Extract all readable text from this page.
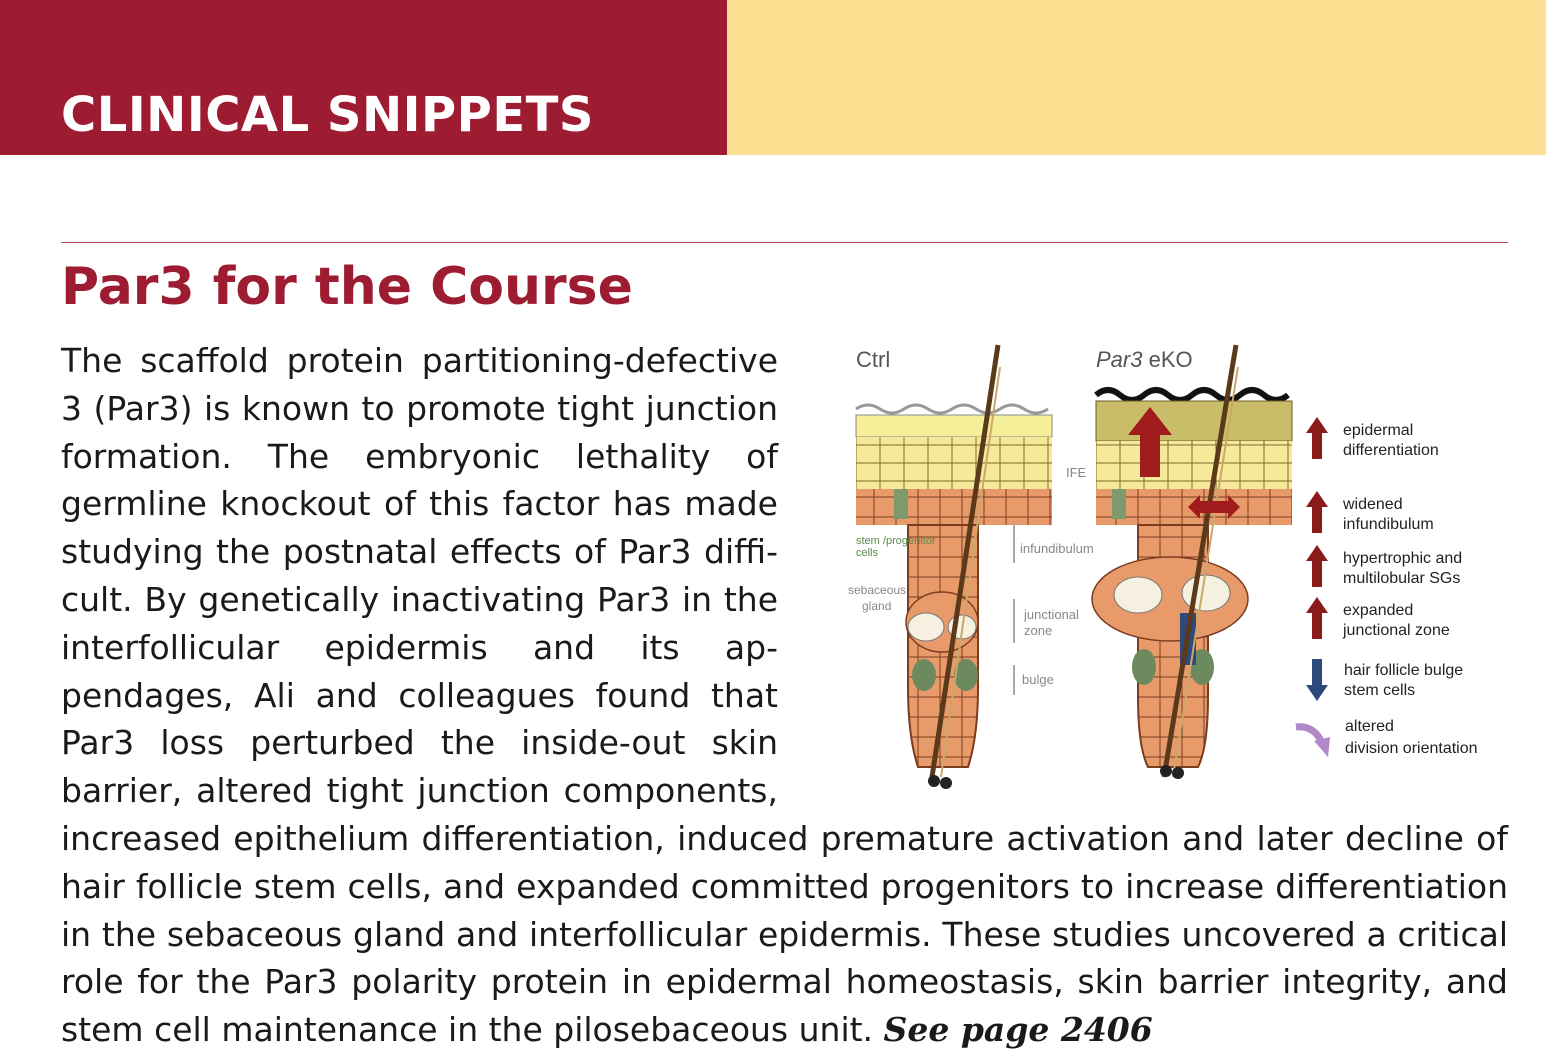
CLINICAL SNIPPETS
Par3 for the Course
Ctrl
IFE
infundibulum
junctional
zone
bulge
stem /progenitor
cells
sebaceous
gland
Par3 eKO
epidermal
differentiation
widened
infundibulum
hypertrophic and
multilobular SGs
expanded
junctional zone
hair follicle bulge
stem cells
altered
division orientation
The scaffold protein partitioning-defective 3 (Par3) is known to promote tight junction formation. The embryonic lethality of germline knockout of this factor has made studying the postnatal effects of Par3 difficult. By genetically inactivating Par3 in the interfollicular epidermis and its appendages, Ali and colleagues found that Par3 loss perturbed the inside-out skin barrier, altered tight junction components, increased epithelium differentiation, induced premature activation and later decline of hair follicle stem cells, and expanded committed progenitors to increase differentiation in the sebaceous gland and interfollicular epidermis. These studies uncovered a critical role for the Par3 polarity protein in epidermal homeostasis, skin barrier integrity, and stem cell maintenance in the pilosebaceous unit. See page 2406
